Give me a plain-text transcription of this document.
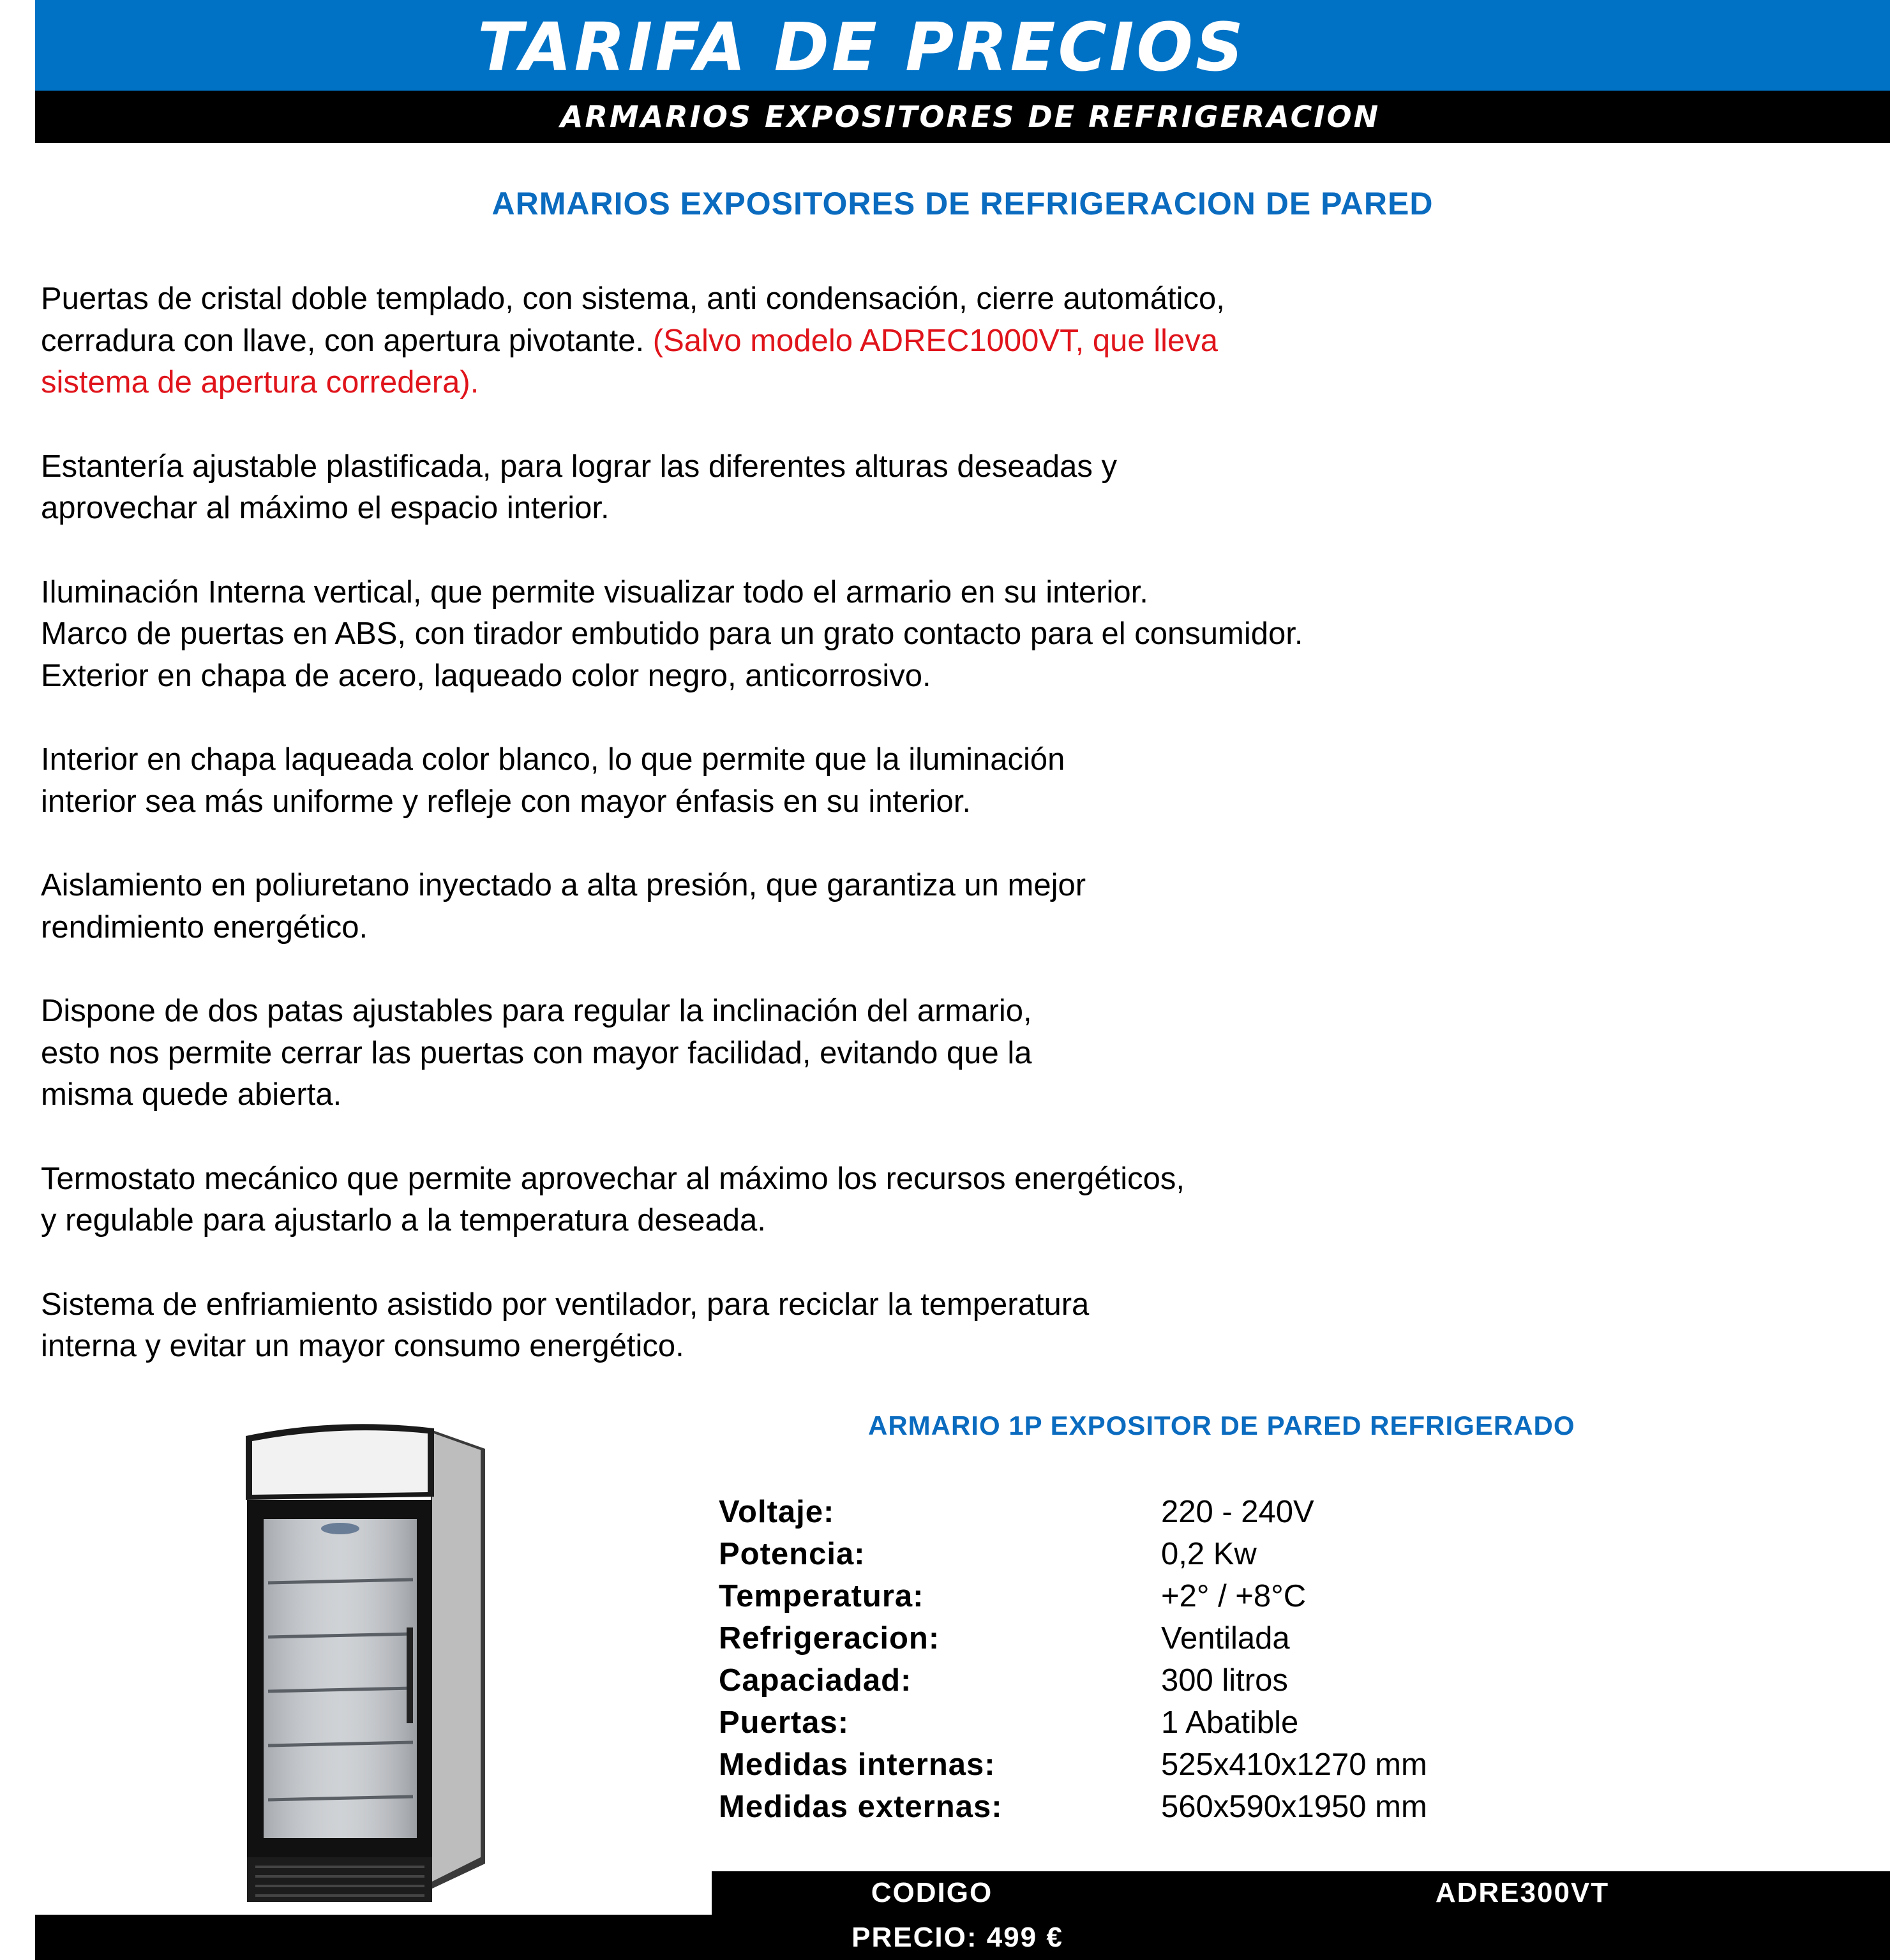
TARIFA DE PRECIOS
ARMARIOS EXPOSITORES DE REFRIGERACION
ARMARIOS EXPOSITORES DE REFRIGERACION DE PARED

Puertas de cristal doble templado, con sistema, anti condensación, cierre automático,
cerradura con llave, con apertura pivotante. (Salvo modelo ADREC1000VT, que lleva
sistema de apertura corredera).

Estantería ajustable plastificada, para lograr las diferentes alturas deseadas y
aprovechar al máximo el espacio interior.

Iluminación Interna vertical, que permite visualizar todo el armario en su interior.
Marco de puertas en ABS, con tirador embutido para un grato contacto para el consumidor.
Exterior en chapa de acero, laqueado color negro, anticorrosivo.

Interior en chapa laqueada color blanco, lo que permite que la iluminación
interior sea más uniforme y refleje con mayor énfasis en su interior.

Aislamiento en poliuretano inyectado a alta presión, que garantiza un mejor
rendimiento energético.

Dispone de dos patas ajustables para regular la inclinación del armario,
esto nos permite cerrar las puertas con mayor facilidad, evitando que la
misma quede abierta.

Termostato mecánico que permite aprovechar al máximo los recursos energéticos,
y regulable para ajustarlo a la temperatura deseada.

Sistema de enfriamiento asistido por ventilador, para reciclar la temperatura
interna y evitar un mayor consumo energético.

ARMARIO 1P EXPOSITOR DE PARED REFRIGERADO
Voltaje:	220 - 240V
Potencia:	0,2 Kw
Temperatura:	+2° / +8°C
Refrigeracion:	Ventilada
Capaciadad:	300 litros
Puertas:	1 Abatible
Medidas internas:	525x410x1270 mm
Medidas externas:	560x590x1950 mm
CODIGO	ADRE300VT
PRECIO: 499 €
